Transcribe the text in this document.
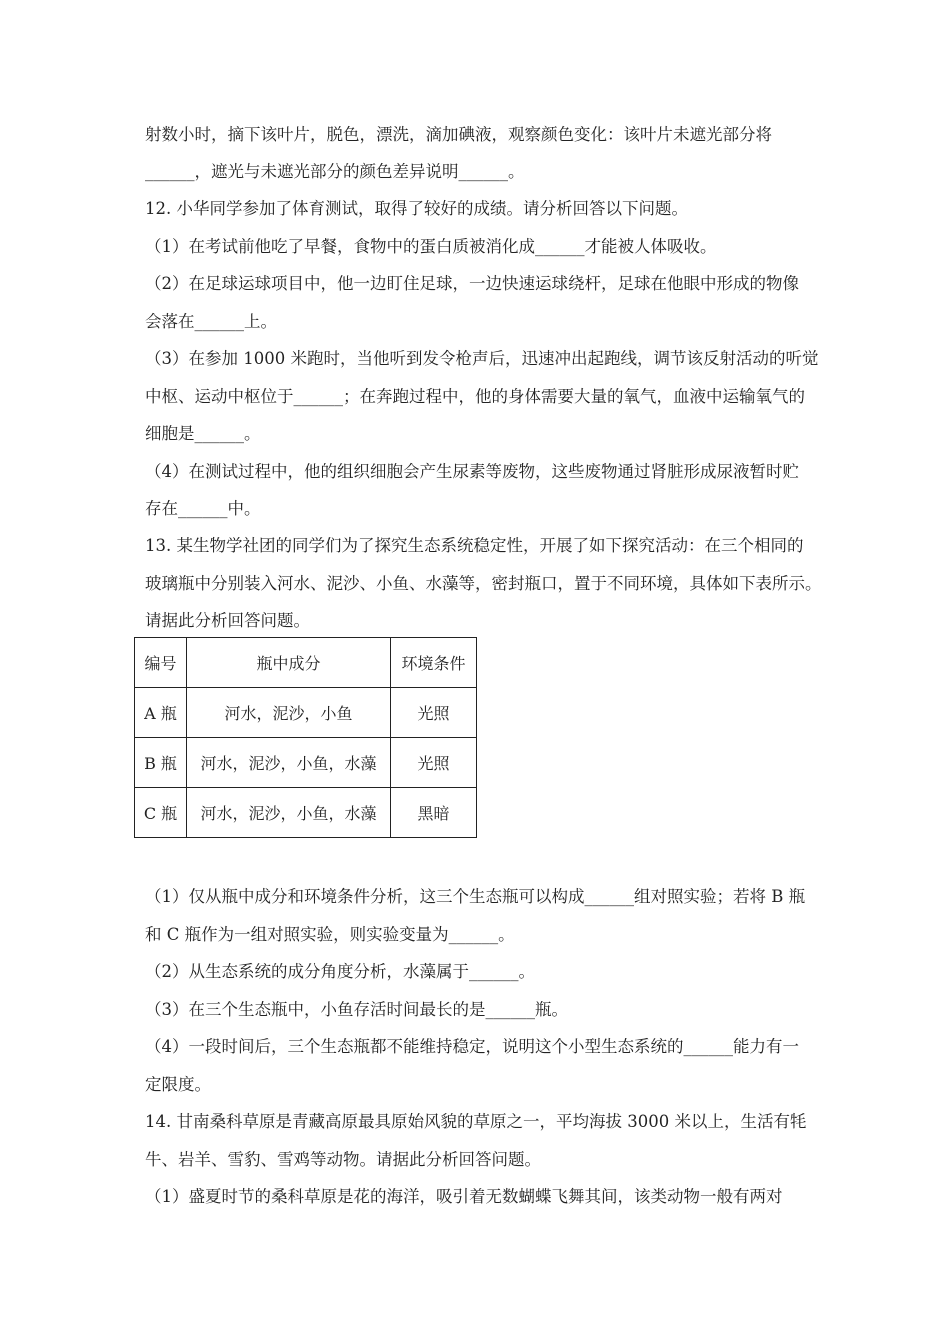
射数小时，摘下该叶片，脱色，漂洗，滴加碘液，观察颜色变化：该叶片未遮光部分将
______，遮光与未遮光部分的颜色差异说明______。
12. 小华同学参加了体育测试，取得了较好的成绩。请分析回答以下问题。
（1）在考试前他吃了早餐，食物中的蛋白质被消化成______才能被人体吸收。
（2）在足球运球项目中，他一边盯住足球，一边快速运球绕杆，足球在他眼中形成的物像
会落在______上。
（3）在参加 1000 米跑时，当他听到发令枪声后，迅速冲出起跑线，调节该反射活动的听觉
中枢、运动中枢位于______；在奔跑过程中，他的身体需要大量的氧气，血液中运输氧气的
细胞是______。
（4）在测试过程中，他的组织细胞会产生尿素等废物，这些废物通过肾脏形成尿液暂时贮
存在______中。
13. 某生物学社团的同学们为了探究生态系统稳定性，开展了如下探究活动：在三个相同的
玻璃瓶中分别装入河水、泥沙、小鱼、水藻等，密封瓶口，置于不同环境，具体如下表所示。
请据此分析回答问题。
编号	瓶中成分	环境条件
A 瓶	河水，泥沙，小鱼	光照
B 瓶	河水，泥沙，小鱼，水藻	光照
C 瓶	河水，泥沙，小鱼，水藻	黑暗
（1）仅从瓶中成分和环境条件分析，这三个生态瓶可以构成______组对照实验；若将 B 瓶
和 C 瓶作为一组对照实验，则实验变量为______。
（2）从生态系统的成分角度分析，水藻属于______。
（3）在三个生态瓶中，小鱼存活时间最长的是______瓶。
（4）一段时间后，三个生态瓶都不能维持稳定，说明这个小型生态系统的______能力有一
定限度。
14. 甘南桑科草原是青藏高原最具原始风貌的草原之一，平均海拔 3000 米以上，生活有牦
牛、岩羊、雪豹、雪鸡等动物。请据此分析回答问题。
（1）盛夏时节的桑科草原是花的海洋，吸引着无数蝴蝶飞舞其间，该类动物一般有两对
